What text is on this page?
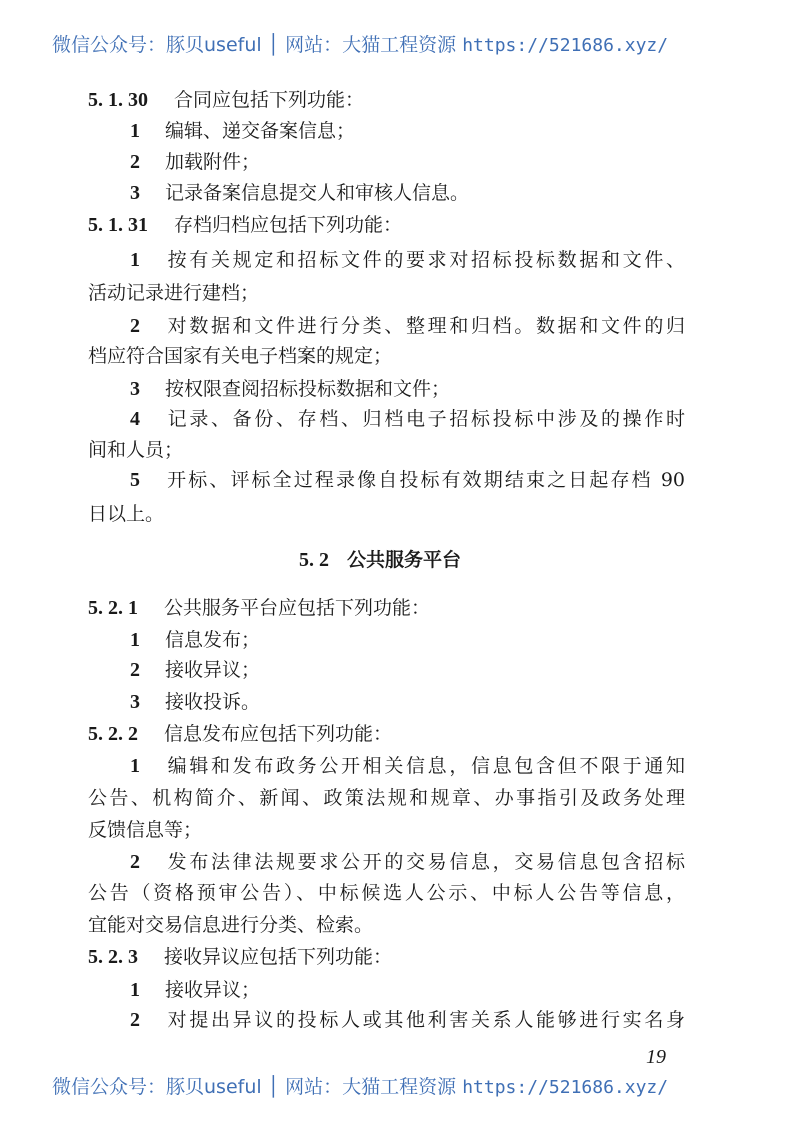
微信公众号：豚贝useful │ 网站：大猫工程资源 https://521686.xyz/
5. 1. 30 合同应包括下列功能：
1 编辑、递交备案信息；
2 加载附件；
3 记录备案信息提交人和审核人信息。
5. 1. 31 存档归档应包括下列功能：
1 按有关规定和招标文件的要求对招标投标数据和文件、
活动记录进行建档；
2 对数据和文件进行分类、整理和归档。数据和文件的归
档应符合国家有关电子档案的规定；
3 按权限查阅招标投标数据和文件；
4 记录、备份、存档、归档电子招标投标中涉及的操作时
间和人员；
5 开标、评标全过程录像自投标有效期结束之日起存档 90
日以上。
5. 2 公共服务平台
5. 2. 1 公共服务平台应包括下列功能：
1 信息发布；
2 接收异议；
3 接收投诉。
5. 2. 2 信息发布应包括下列功能：
1 编辑和发布政务公开相关信息，信息包含但不限于通知
公告、机构简介、新闻、政策法规和规章、办事指引及政务处理
反馈信息等；
2 发布法律法规要求公开的交易信息，交易信息包含招标
公告（资格预审公告）、中标候选人公示、中标人公告等信息，
宜能对交易信息进行分类、检索。
5. 2. 3 接收异议应包括下列功能：
1 接收异议；
2 对提出异议的投标人或其他利害关系人能够进行实名身
19
微信公众号：豚贝useful │ 网站：大猫工程资源 https://521686.xyz/
